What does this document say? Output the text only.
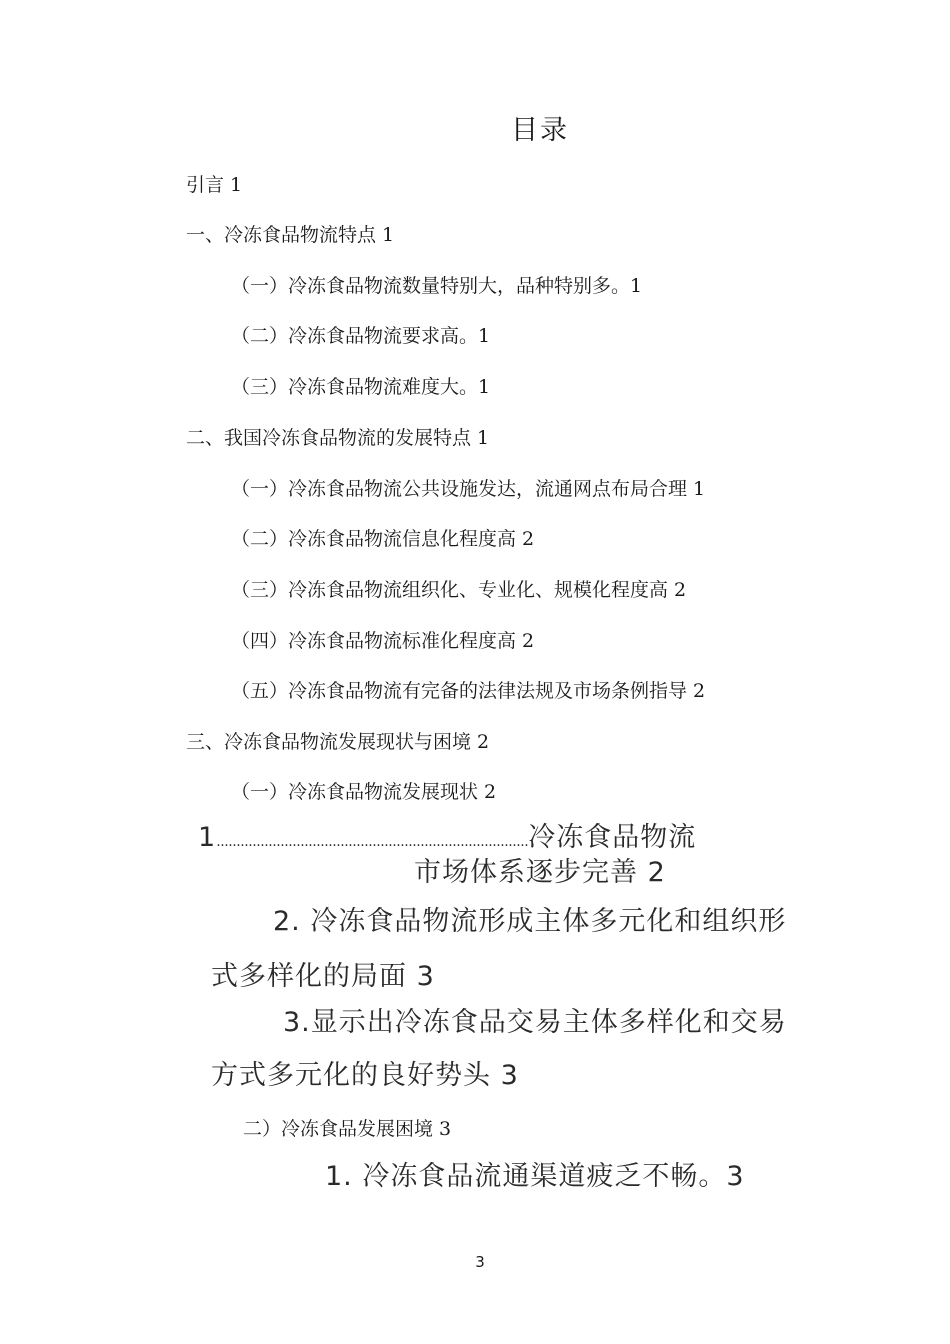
目录
引言 1
一、冷冻食品物流特点 1
（一）冷冻食品物流数量特别大，品种特别多。1
（二）冷冻食品物流要求高。1
（三）冷冻食品物流难度大。1
二、我国冷冻食品物流的发展特点 1
（一）冷冻食品物流公共设施发达，流通网点布局合理 1
（二）冷冻食品物流信息化程度高 2
（三）冷冻食品物流组织化、专业化、规模化程度高 2
（四）冷冻食品物流标准化程度高 2
（五）冷冻食品物流有完备的法律法规及市场条例指导 2
三、冷冻食品物流发展现状与困境 2
（一）冷冻食品物流发展现状 2
1..............................................................................冷冻食品物流
市场体系逐步完善 2
2. 冷冻食品物流形成主体多元化和组织形
式多样化的局面 3
3.显示出冷冻食品交易主体多样化和交易
方式多元化的良好势头 3
二）冷冻食品发展困境 3
1. 冷冻食品流通渠道疲乏不畅。3
3
